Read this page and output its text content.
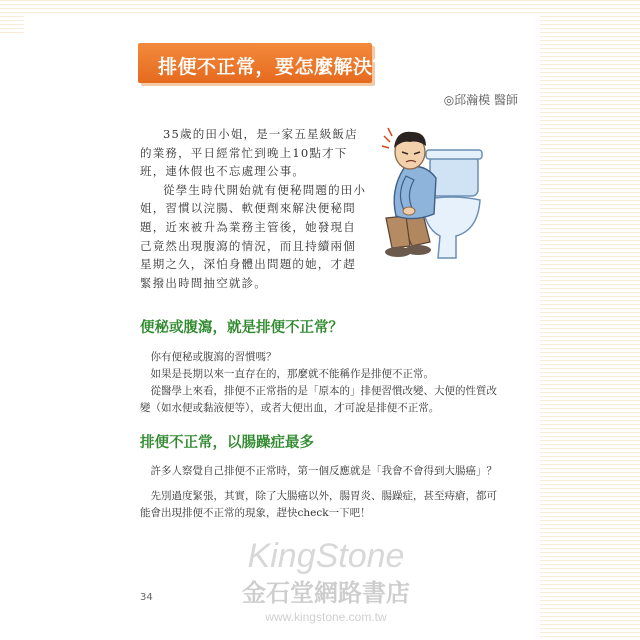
排便不正常，要怎麼解決？
◎邱瀚模 醫師

35歲的田小姐，是一家五星級飯店的業務，平日經常忙到晚上10點才下班，連休假也不忘處理公事。

從學生時代開始就有便秘問題的田小姐，習慣以浣腸、軟便劑來解決便秘問題，近來被升為業務主管後，她發現自己竟然出現腹瀉的情況，而且持續兩個星期之久，深怕身體出問題的她，才趕緊撥出時間抽空就診。

便秘或腹瀉，就是排便不正常？

你有便秘或腹瀉的習慣嗎？

如果是長期以來一直存在的，那麼就不能稱作是排便不正常。

從醫學上來看，排便不正常指的是「原本的」排便習慣改變、大便的性質改變（如水便或黏液便等），或者大便出血，才可說是排便不正常。

排便不正常，以腸躁症最多

許多人察覺自己排便不正常時，第一個反應就是「我會不會得到大腸癌」？

先別過度緊張，其實，除了大腸癌以外，腸胃炎、腸躁症，甚至痔瘡，都可能會出現排便不正常的現象，趕快check一下吧！

34
KingStone
金石堂網路書店
www.kingstone.com.tw
